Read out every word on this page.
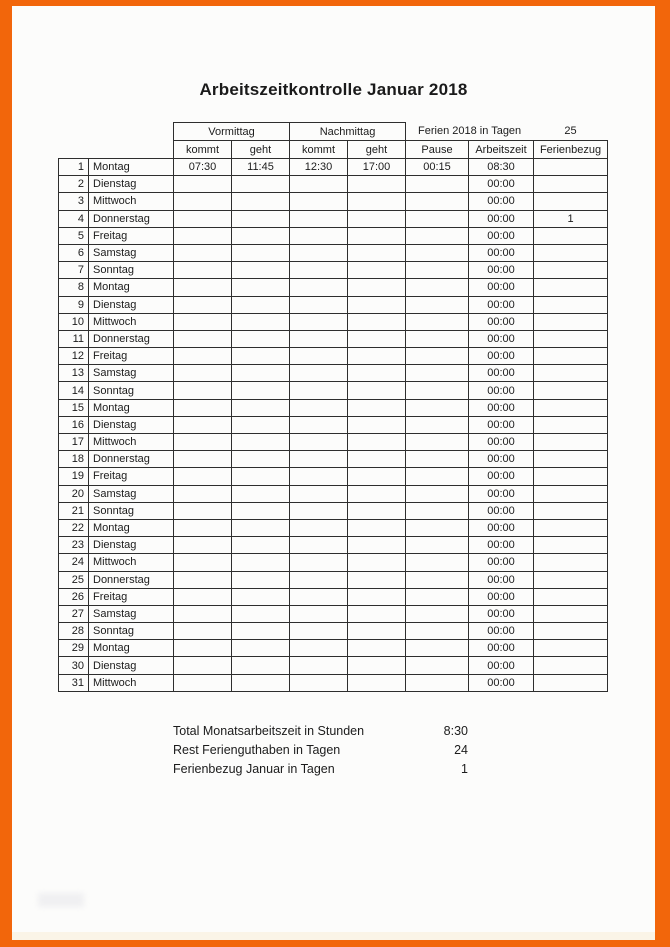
Arbeitszeitkontrolle Januar 2018
		Vormittag		Nachmittag		Ferien 2018 in Tagen		25
		kommt	geht	kommt	geht	Pause	Arbeitszeit	Ferienbezug
1	Montag	07:30	11:45	12:30	17:00	00:15	08:30	
2	Dienstag						00:00	
3	Mittwoch						00:00	
4	Donnerstag						00:00	1
5	Freitag						00:00	
6	Samstag						00:00	
7	Sonntag						00:00	
8	Montag						00:00	
9	Dienstag						00:00	
10	Mittwoch						00:00	
11	Donnerstag						00:00	
12	Freitag						00:00	
13	Samstag						00:00	
14	Sonntag						00:00	
15	Montag						00:00	
16	Dienstag						00:00	
17	Mittwoch						00:00	
18	Donnerstag						00:00	
19	Freitag						00:00	
20	Samstag						00:00	
21	Sonntag						00:00	
22	Montag						00:00	
23	Dienstag						00:00	
24	Mittwoch						00:00	
25	Donnerstag						00:00	
26	Freitag						00:00	
27	Samstag						00:00	
28	Sonntag						00:00	
29	Montag						00:00	
30	Dienstag						00:00	
31	Mittwoch						00:00	
Total Monatsarbeitszeit in Stunden	8:30
Rest Ferienguthaben in Tagen	24
Ferienbezug Januar in Tagen	1
